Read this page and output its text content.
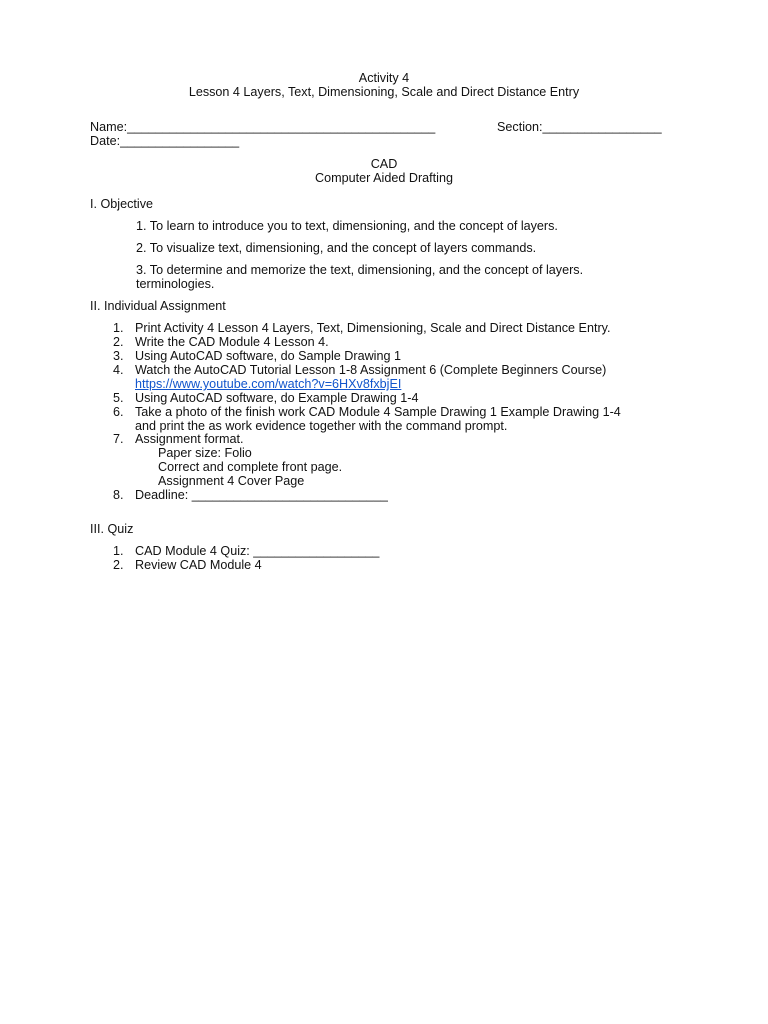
Activity 4
Lesson 4 Layers, Text, Dimensioning, Scale and Direct Distance Entry
Name:____________________________________________	Section:_________________
Date:_________________
CAD
Computer Aided Drafting
I. Objective
1. To learn to introduce you to text, dimensioning, and the concept of layers.
2. To visualize text, dimensioning, and the concept of layers commands.
3. To determine and memorize the text, dimensioning, and the concept of layers.
terminologies.
II. Individual Assignment
1. Print Activity 4 Lesson 4 Layers, Text, Dimensioning, Scale and Direct Distance Entry.
2. Write the CAD Module 4 Lesson 4.
3. Using AutoCAD software, do Sample Drawing 1
4. Watch the AutoCAD Tutorial Lesson 1-8 Assignment 6 (Complete Beginners Course)
https://www.youtube.com/watch?v=6HXv8fxbjEI
5. Using AutoCAD software, do Example Drawing 1-4
6. Take a photo of the finish work CAD Module 4 Sample Drawing 1 Example Drawing 1-4
and print the as work evidence together with the command prompt.
7. Assignment format.
Paper size: Folio
Correct and complete front page.
Assignment 4 Cover Page
8. Deadline: ____________________________
III. Quiz
1. CAD Module 4 Quiz: __________________
2. Review CAD Module 4
